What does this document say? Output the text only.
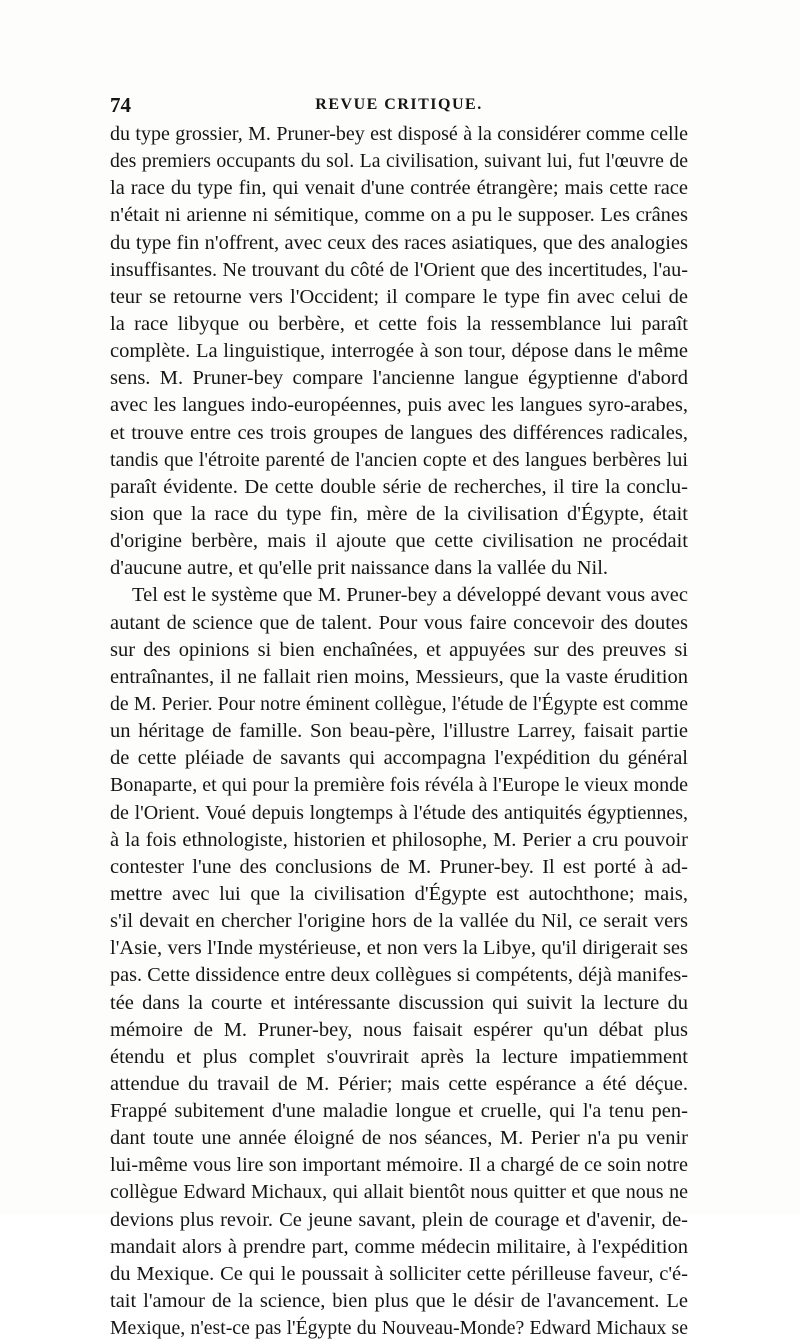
74	REVUE CRITIQUE.
du type grossier, M. Pruner-bey est disposé à la considérer comme celle
des premiers occupants du sol. La civilisation, suivant lui, fut l'œuvre de
la race du type fin, qui venait d'une contrée étrangère; mais cette race
n'était ni arienne ni sémitique, comme on a pu le supposer. Les crânes
du type fin n'offrent, avec ceux des races asiatiques, que des analogies
insuffisantes. Ne trouvant du côté de l'Orient que des incertitudes, l'au-
teur se retourne vers l'Occident; il compare le type fin avec celui de
la race libyque ou berbère, et cette fois la ressemblance lui paraît
complète. La linguistique, interrogée à son tour, dépose dans le même
sens. M. Pruner-bey compare l'ancienne langue égyptienne d'abord
avec les langues indo-européennes, puis avec les langues syro-arabes,
et trouve entre ces trois groupes de langues des différences radicales,
tandis que l'étroite parenté de l'ancien copte et des langues berbères lui
paraît évidente. De cette double série de recherches, il tire la conclu-
sion que la race du type fin, mère de la civilisation d'Égypte, était
d'origine berbère, mais il ajoute que cette civilisation ne procédait
d'aucune autre, et qu'elle prit naissance dans la vallée du Nil.
Tel est le système que M. Pruner-bey a développé devant vous avec
autant de science que de talent. Pour vous faire concevoir des doutes
sur des opinions si bien enchaînées, et appuyées sur des preuves si
entraînantes, il ne fallait rien moins, Messieurs, que la vaste érudition
de M. Perier. Pour notre éminent collègue, l'étude de l'Égypte est comme
un héritage de famille. Son beau-père, l'illustre Larrey, faisait partie
de cette pléiade de savants qui accompagna l'expédition du général
Bonaparte, et qui pour la première fois révéla à l'Europe le vieux monde
de l'Orient. Voué depuis longtemps à l'étude des antiquités égyptiennes,
à la fois ethnologiste, historien et philosophe, M. Perier a cru pouvoir
contester l'une des conclusions de M. Pruner-bey. Il est porté à ad-
mettre avec lui que la civilisation d'Égypte est autochthone; mais,
s'il devait en chercher l'origine hors de la vallée du Nil, ce serait vers
l'Asie, vers l'Inde mystérieuse, et non vers la Libye, qu'il dirigerait ses
pas. Cette dissidence entre deux collègues si compétents, déjà manifes-
tée dans la courte et intéressante discussion qui suivit la lecture du
mémoire de M. Pruner-bey, nous faisait espérer qu'un débat plus
étendu et plus complet s'ouvrirait après la lecture impatiemment
attendue du travail de M. Périer; mais cette espérance a été déçue.
Frappé subitement d'une maladie longue et cruelle, qui l'a tenu pen-
dant toute une année éloigné de nos séances, M. Perier n'a pu venir
lui-même vous lire son important mémoire. Il a chargé de ce soin notre
collègue Edward Michaux, qui allait bientôt nous quitter et que nous ne
devions plus revoir. Ce jeune savant, plein de courage et d'avenir, de-
mandait alors à prendre part, comme médecin militaire, à l'expédition
du Mexique. Ce qui le poussait à solliciter cette périlleuse faveur, c'é-
tait l'amour de la science, bien plus que le désir de l'avancement. Le
Mexique, n'est-ce pas l'Égypte du Nouveau-Monde? Edward Michaux se
